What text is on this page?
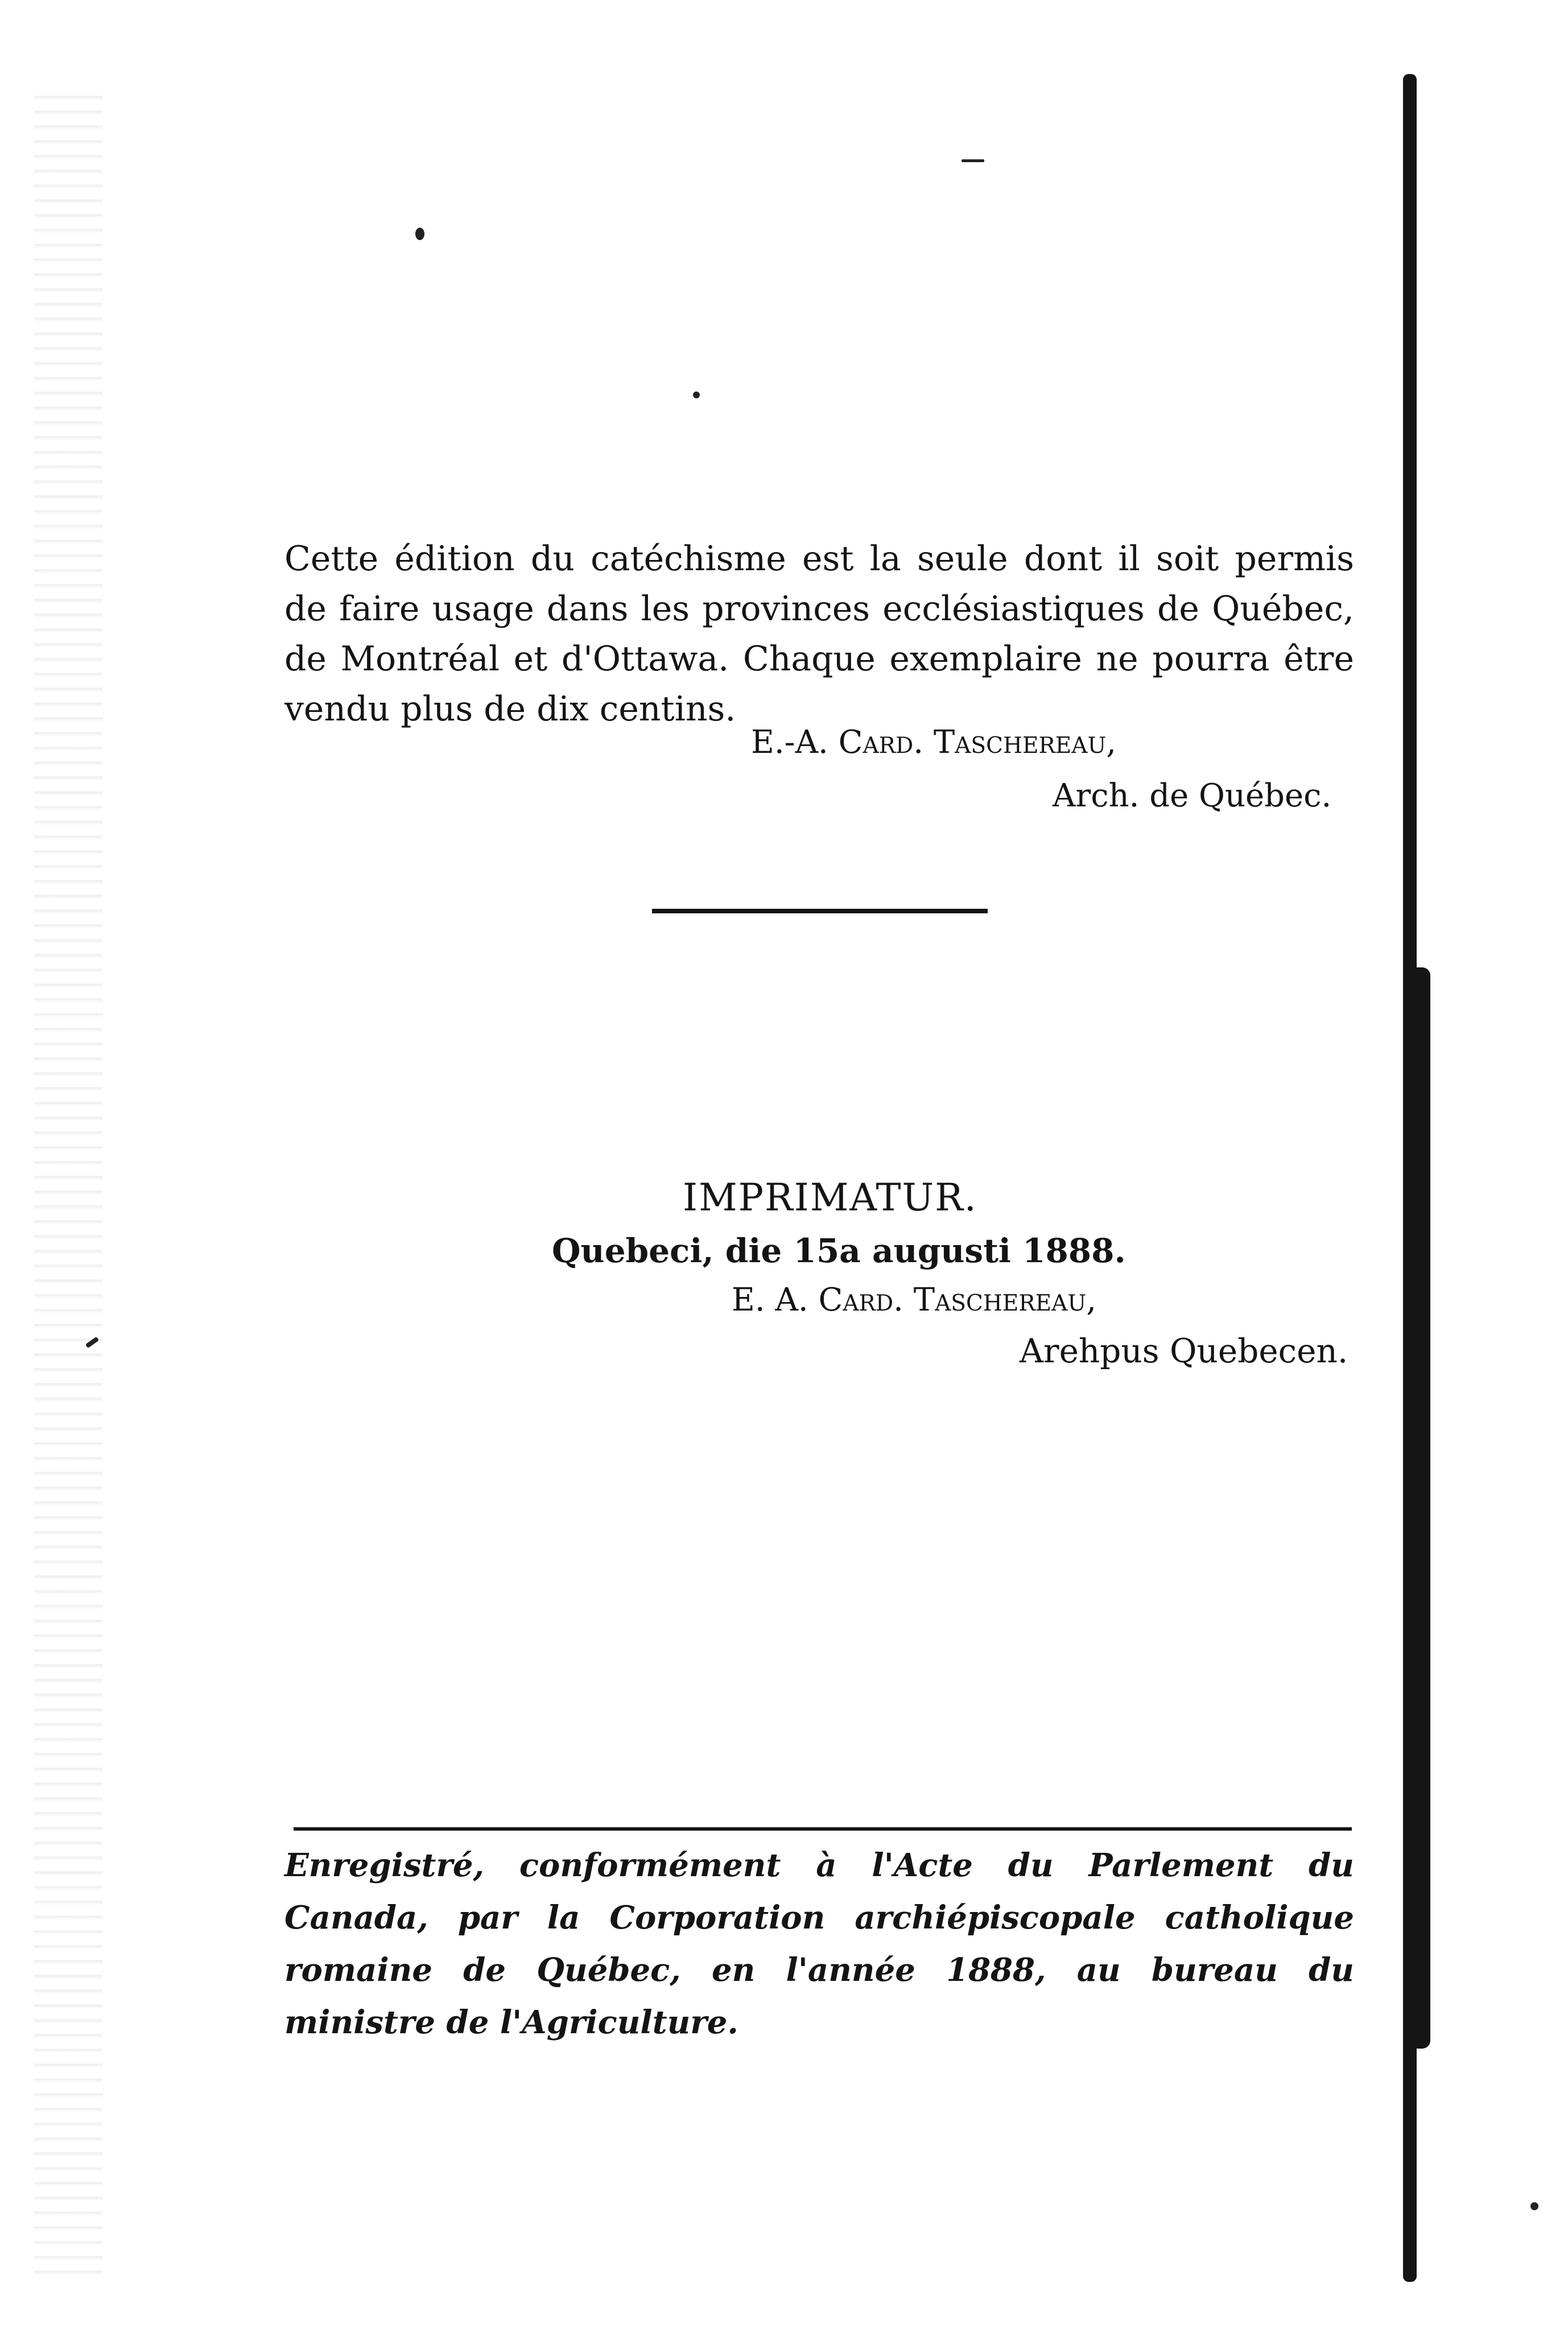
Cette édition du catéchisme est la seule dont il soit permis de faire usage dans les provinces ecclésiastiques de Québec, de Montréal et d'Ottawa. Chaque exemplaire ne pourra être vendu plus de dix centins.
E.-A. Card. Taschereau,
Arch. de Québec.
IMPRIMATUR.
Quebeci, die 15a augusti 1888.
E. A. Card. Taschereau,
Arehpus Quebecen.
Enregistré, conformément à l'Acte du Parlement du Canada, par la Corporation archiépiscopale catholique romaine de Québec, en l'année 1888, au bureau du ministre de l'Agriculture.
